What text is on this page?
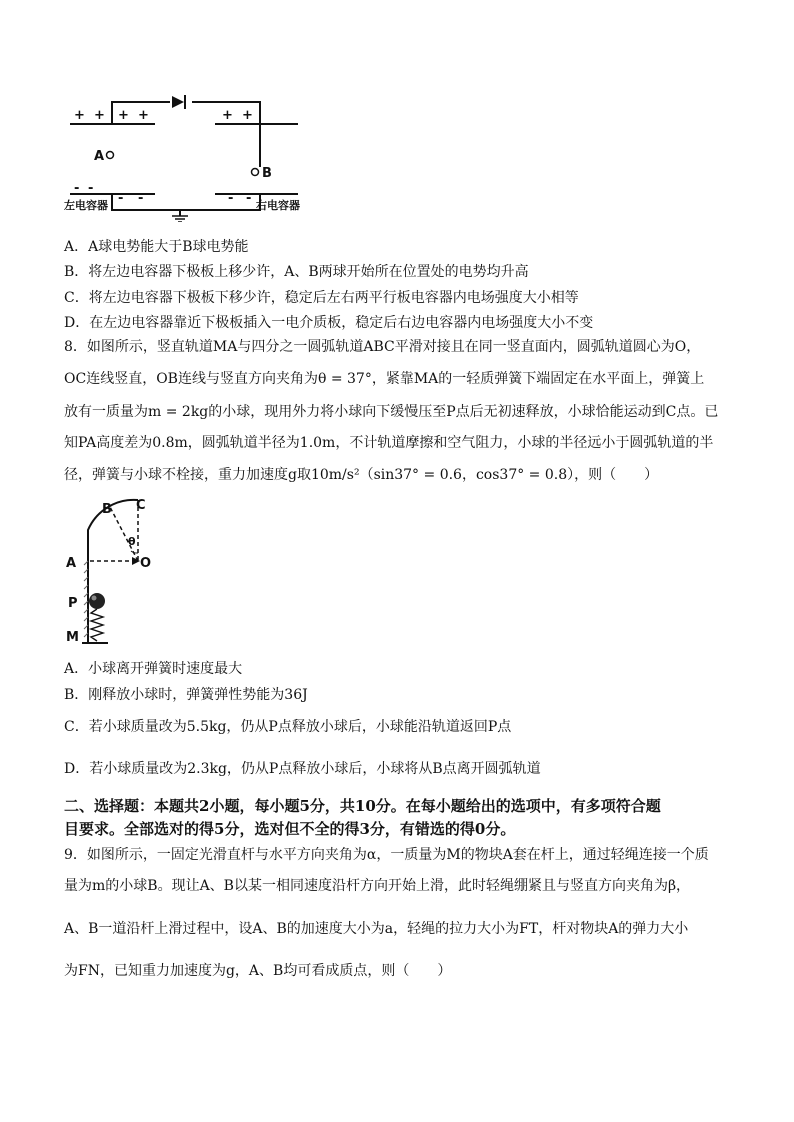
+ + + +	+ +
- -
- -	- -
A
B
左电容器	右电容器
A．A球电势能大于B球电势能
B．将左边电容器下极板上移少许，A、B两球开始所在位置处的电势均升高
C．将左边电容器下极板下移少许，稳定后左右两平行板电容器内电场强度大小相等
D．在左边电容器靠近下极板插入一电介质板，稳定后右边电容器内电场强度大小不变
8．如图所示，竖直轨道MA与四分之一圆弧轨道ABC平滑对接且在同一竖直面内，圆弧轨道圆心为O，
OC连线竖直，OB连线与竖直方向夹角为θ = 37°，紧靠MA的一轻质弹簧下端固定在水平面上，弹簧上
放有一质量为m = 2kg的小球，现用外力将小球向下缓慢压至P点后无初速释放，小球恰能运动到C点。已
知PA高度差为0.8m，圆弧轨道半径为1.0m，不计轨道摩擦和空气阻力，小球的半径远小于圆弧轨道的半
径，弹簧与小球不栓接，重力加速度g取10m/s²（sin37° = 0.6，cos37° = 0.8），则（　　）
B C
A	O
P
M
θ
A．小球离开弹簧时速度最大
B．刚释放小球时，弹簧弹性势能为36J
C．若小球质量改为5.5kg，仍从P点释放小球后，小球能沿轨道返回P点
D．若小球质量改为2.3kg，仍从P点释放小球后，小球将从B点离开圆弧轨道
二、选择题：本题共2小题，每小题5分，共10分。在每小题给出的选项中，有多项符合题
目要求。全部选对的得5分，选对但不全的得3分，有错选的得0分。
9．如图所示，一固定光滑直杆与水平方向夹角为α，一质量为M的物块A套在杆上，通过轻绳连接一个质
量为m的小球B。现让A、B以某一相同速度沿杆方向开始上滑，此时轻绳绷紧且与竖直方向夹角为β，
A、B一道沿杆上滑过程中，设A、B的加速度大小为a，轻绳的拉力大小为FT，杆对物块A的弹力大小
为FN，已知重力加速度为g，A、B均可看成质点，则（　　）
